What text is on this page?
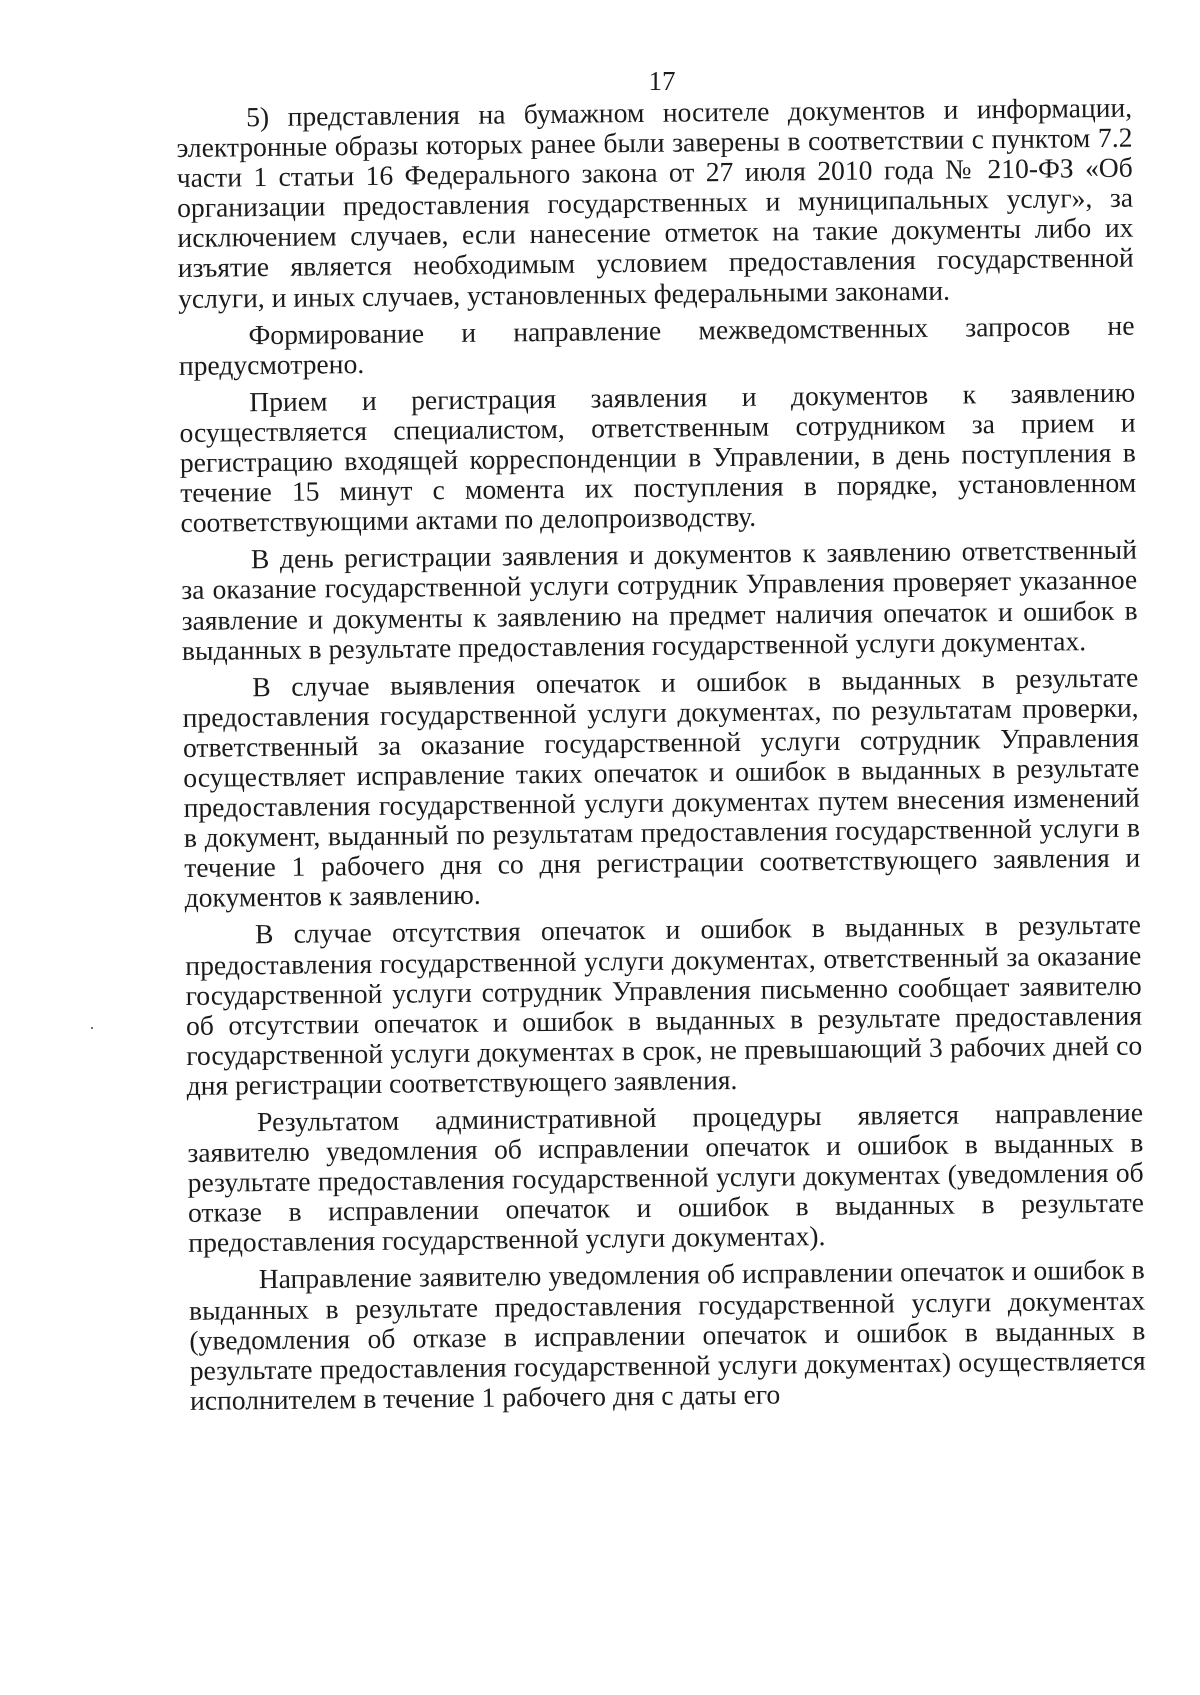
17

5) представления на бумажном носителе документов и информации, электронные образы которых ранее были заверены в соответствии с пунктом 7.2 части 1 статьи 16 Федерального закона от 27 июля 2010 года № 210-ФЗ «Об организации предоставления государственных и муниципальных услуг», за исключением случаев, если нанесение отметок на такие документы либо их изъятие является необходимым условием предоставления государственной услуги, и иных случаев, установленных федеральными законами.

Формирование и направление межведомственных запросов не предусмотрено.

Прием и регистрация заявления и документов к заявлению осуществляется специалистом, ответственным сотрудником за прием и регистрацию входящей корреспонденции в Управлении, в день поступления в течение 15 минут с момента их поступления в порядке, установленном соответствующими актами по делопроизводству.

В день регистрации заявления и документов к заявлению ответственный за оказание государственной услуги сотрудник Управления проверяет указанное заявление и документы к заявлению на предмет наличия опечаток и ошибок в выданных в результате предоставления государственной услуги документах.

В случае выявления опечаток и ошибок в выданных в результате предоставления государственной услуги документах, по результатам проверки, ответственный за оказание государственной услуги сотрудник Управления осуществляет исправление таких опечаток и ошибок в выданных в результате предоставления государственной услуги документах путем внесения изменений в документ, выданный по результатам предоставления государственной услуги в течение 1 рабочего дня со дня регистрации соответствующего заявления и документов к заявлению.

В случае отсутствия опечаток и ошибок в выданных в результате предоставления государственной услуги документах, ответственный за оказание государственной услуги сотрудник Управления письменно сообщает заявителю об отсутствии опечаток и ошибок в выданных в результате предоставления государственной услуги документах в срок, не превышающий 3 рабочих дней со дня регистрации соответствующего заявления.

Результатом административной процедуры является направление заявителю уведомления об исправлении опечаток и ошибок в выданных в результате предоставления государственной услуги документах (уведомления об отказе в исправлении опечаток и ошибок в выданных в результате предоставления государственной услуги документах).

Направление заявителю уведомления об исправлении опечаток и ошибок в выданных в результате предоставления государственной услуги документах (уведомления об отказе в исправлении опечаток и ошибок в выданных в результате предоставления государственной услуги документах) осуществляется исполнителем в течение 1 рабочего дня с даты его
